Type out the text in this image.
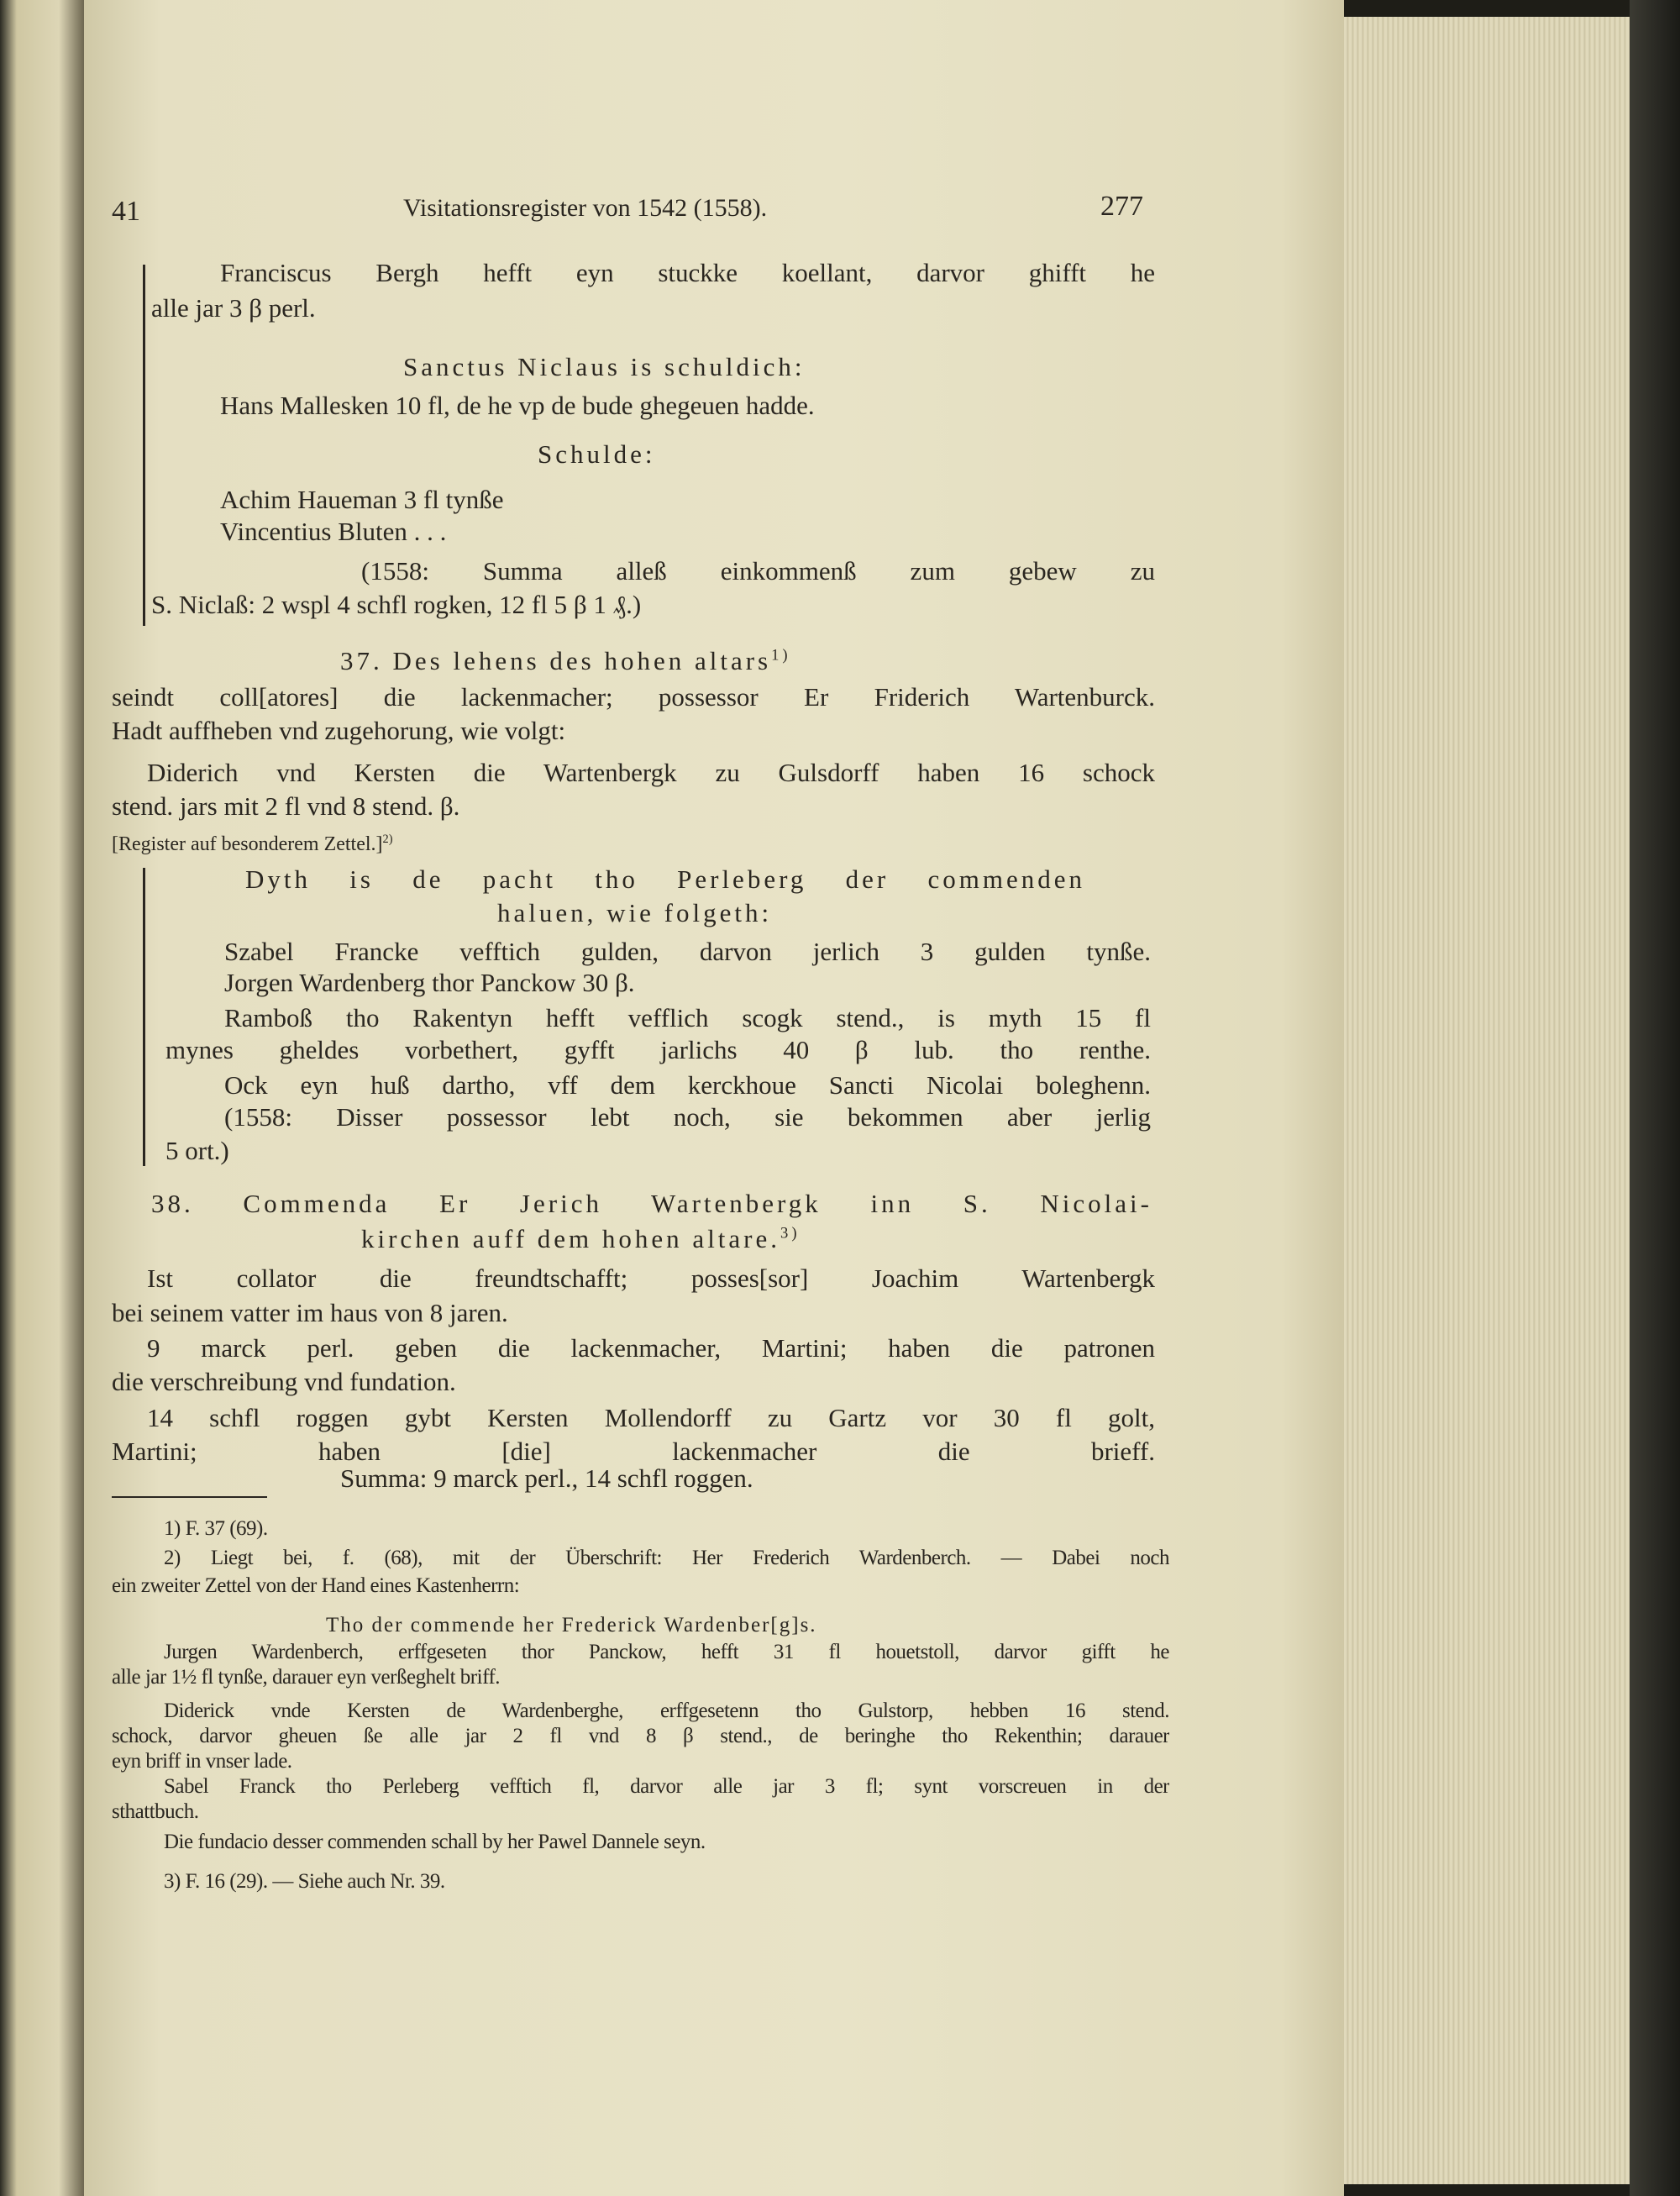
41	Visitationsregister von 1542 (1558).	277
Franciscus Bergh hefft eyn stuckke koellant, darvor ghifft he
alle jar 3 β perl.
Sanctus Niclaus is schuldich:
Hans Mallesken 10 fl, de he vp de bude ghegeuen hadde.
Schulde:
Achim Haueman 3 fl tynße
Vincentius Bluten . . .
(1558: Summa alleß einkommenß zum gebew zu
S. Niclaß: 2 wspl 4 schfl rogken, 12 fl 5 β 1 ₰.)
37. Des lehens des hohen altars$^{1)}$
seindt coll[atores] die lackenmacher; possessor Er Friderich Wartenburck.
Hadt auffheben vnd zugehorung, wie volgt:
Diderich vnd Kersten die Wartenbergk zu Gulsdorff haben 16 schock
stend. jars mit 2 fl vnd 8 stend. β.
[Register auf besonderem Zettel.]$^{2)}$
Dyth is de pacht tho Perleberg der commenden
haluen, wie folgeth:
Szabel Francke vefftich gulden, darvon jerlich 3 gulden tynße.
Jorgen Wardenberg thor Panckow 30 β.
Ramboß tho Rakentyn hefft vefflich scogk stend., is myth 15 fl
mynes gheldes vorbethert, gyfft jarlichs 40 β lub. tho renthe.
Ock eyn huß dartho, vff dem kerckhoue Sancti Nicolai boleghenn.
(1558: Disser possessor lebt noch, sie bekommen aber jerlig
5 ort.)
38. Commenda Er Jerich Wartenbergk inn S. Nicolai-
kirchen auff dem hohen altare.$^{3)}$
Ist collator die freundtschafft; posses[sor] Joachim Wartenbergk
bei seinem vatter im haus von 8 jaren.
9 marck perl. geben die lackenmacher, Martini; haben die patronen
die verschreibung vnd fundation.
14 schfl roggen gybt Kersten Mollendorff zu Gartz vor 30 fl golt,
Martini; haben [die] lackenmacher die brieff.
Summa: 9 marck perl., 14 schfl roggen.
1) F. 37 (69).
2) Liegt bei, f. (68), mit der Überschrift: Her Frederich Wardenberch. — Dabei noch
ein zweiter Zettel von der Hand eines Kastenherrn:
Tho der commende her Frederick Wardenber[g]s.
Jurgen Wardenberch, erffgeseten thor Panckow, hefft 31 fl houetstoll, darvor gifft he
alle jar 1½ fl tynße, darauer eyn verßeghelt briff.
Diderick vnde Kersten de Wardenberghe, erffgesetenn tho Gulstorp, hebben 16 stend.
schock, darvor gheuen ße alle jar 2 fl vnd 8 β stend., de beringhe tho Rekenthin; darauer
eyn briff in vnser lade.
Sabel Franck tho Perleberg vefftich fl, darvor alle jar 3 fl; synt vorscreuen in der
sthattbuch.
Die fundacio desser commenden schall by her Pawel Dannele seyn.
3) F. 16 (29). — Siehe auch Nr. 39.
